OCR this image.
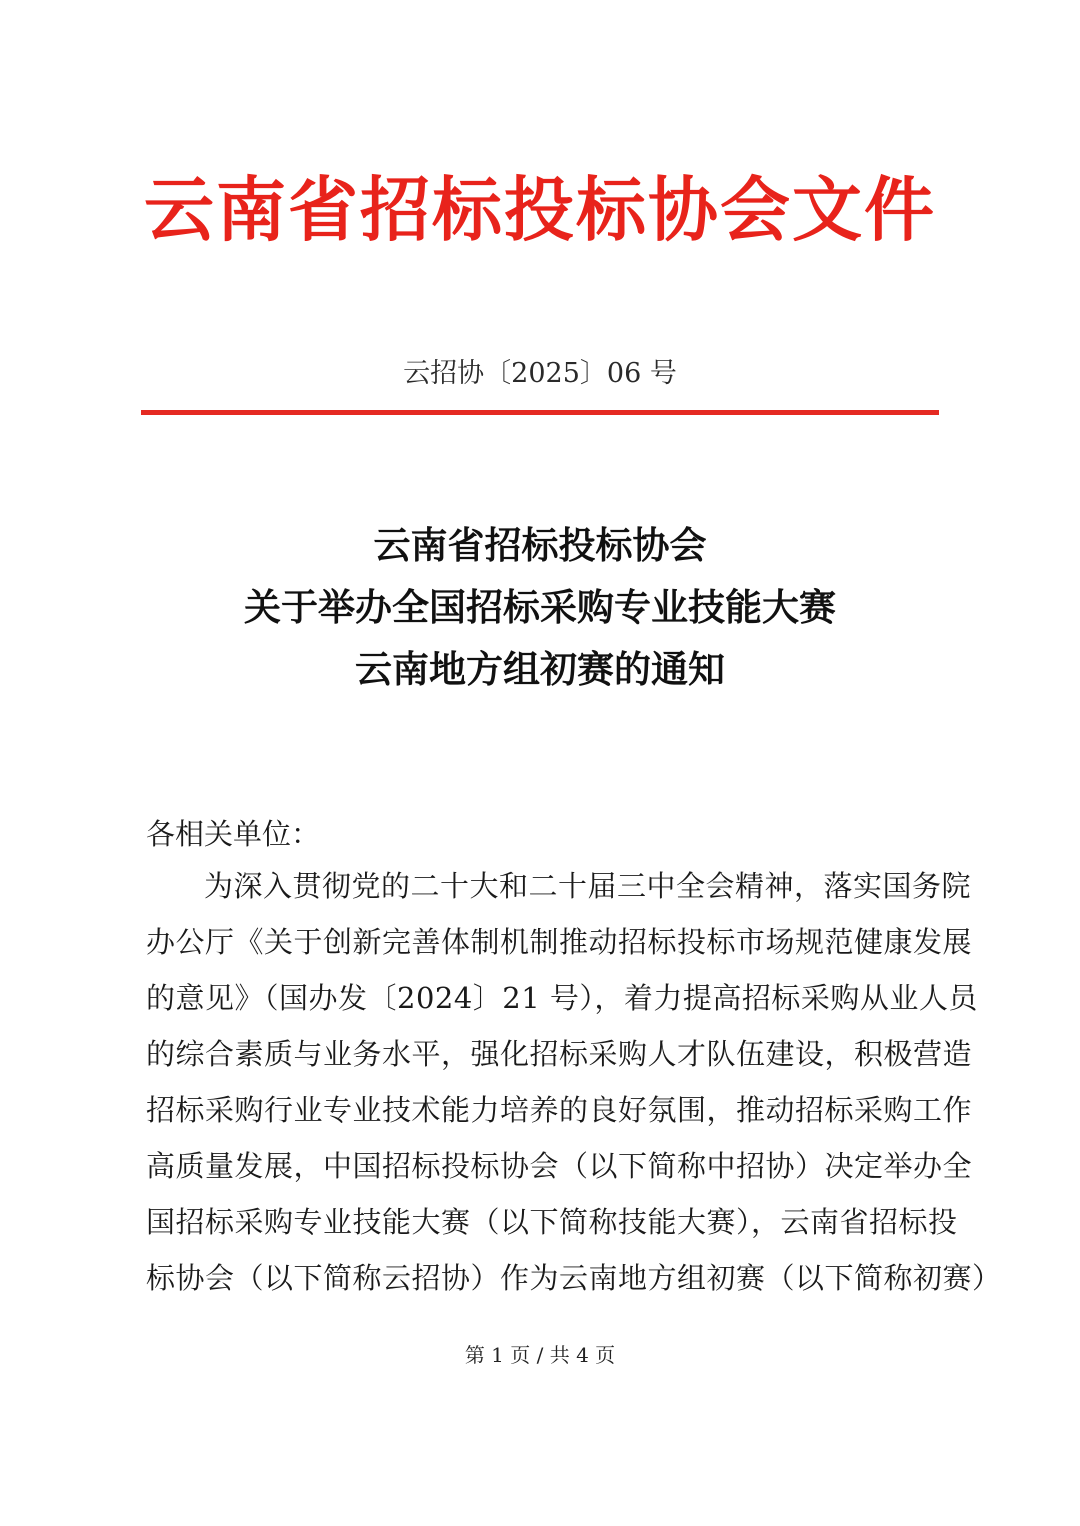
云南省招标投标协会文件
云招协〔2025〕06 号
云南省招标投标协会
关于举办全国招标采购专业技能大赛
云南地方组初赛的通知
各相关单位：
为深入贯彻党的二十大和二十届三中全会精神，落实国务院
办公厅《关于创新完善体制机制推动招标投标市场规范健康发展
的意见》（国办发〔2024〕21 号），着力提高招标采购从业人员
的综合素质与业务水平，强化招标采购人才队伍建设，积极营造
招标采购行业专业技术能力培养的良好氛围，推动招标采购工作
高质量发展，中国招标投标协会（以下简称中招协）决定举办全
国招标采购专业技能大赛（以下简称技能大赛），云南省招标投
标协会（以下简称云招协）作为云南地方组初赛（以下简称初赛）
第 1 页 / 共 4 页
